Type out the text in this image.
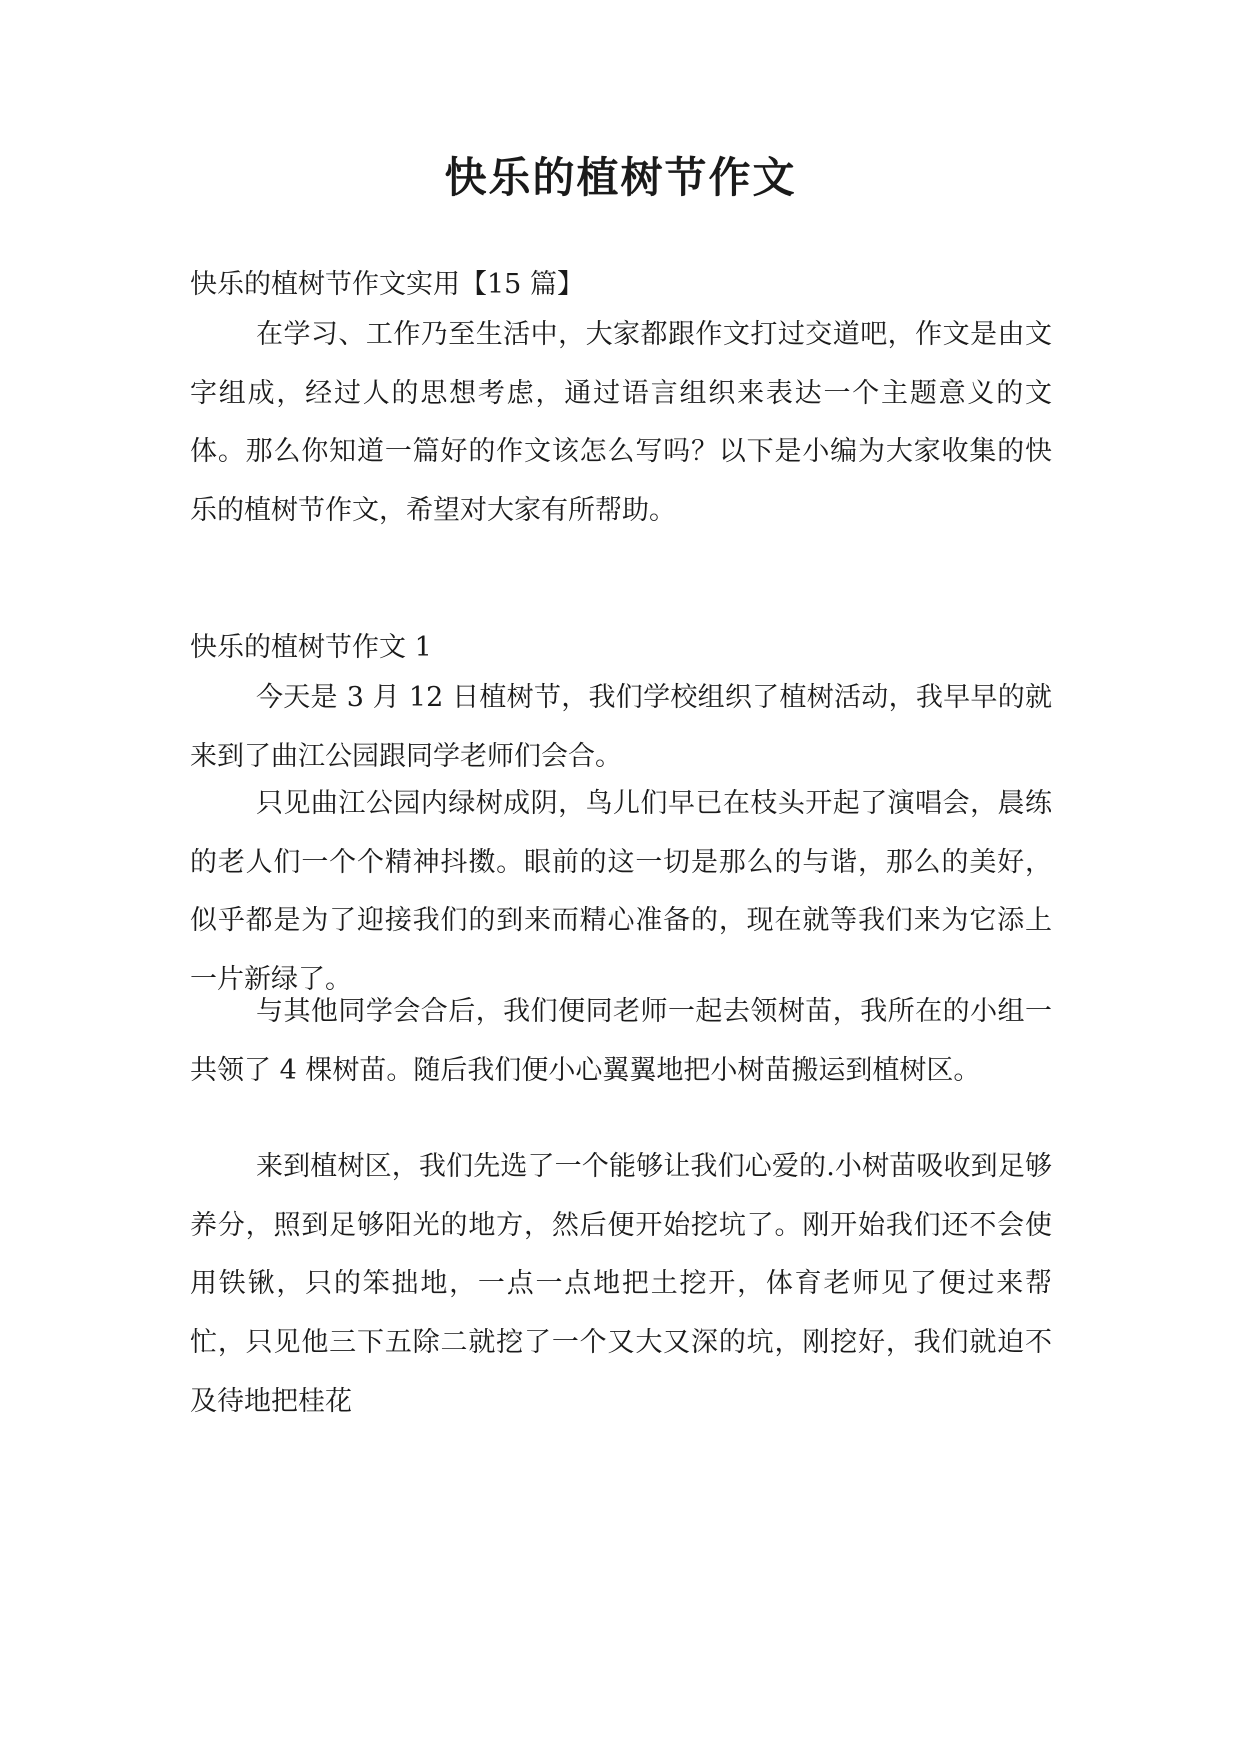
快乐的植树节作文

快乐的植树节作文实用【15 篇】

在学习、工作乃至生活中，大家都跟作文打过交道吧，作文是由文字组成，经过人的思想考虑，通过语言组织来表达一个主题意义的文体。那么你知道一篇好的作文该怎么写吗？以下是小编为大家收集的快乐的植树节作文，希望对大家有所帮助。

快乐的植树节作文 1

今天是 3 月 12 日植树节，我们学校组织了植树活动，我早早的就来到了曲江公园跟同学老师们会合。

只见曲江公园内绿树成阴，鸟儿们早已在枝头开起了演唱会，晨练的老人们一个个精神抖擞。眼前的这一切是那么的与谐，那么的美好，似乎都是为了迎接我们的到来而精心准备的，现在就等我们来为它添上一片新绿了。

与其他同学会合后，我们便同老师一起去领树苗，我所在的小组一共领了 4 棵树苗。随后我们便小心翼翼地把小树苗搬运到植树区。

来到植树区，我们先选了一个能够让我们心爱的.小树苗吸收到足够养分，照到足够阳光的地方，然后便开始挖坑了。刚开始我们还不会使用铁锹，只的笨拙地，一点一点地把土挖开，体育老师见了便过来帮忙，只见他三下五除二就挖了一个又大又深的坑，刚挖好，我们就迫不及待地把桂花
